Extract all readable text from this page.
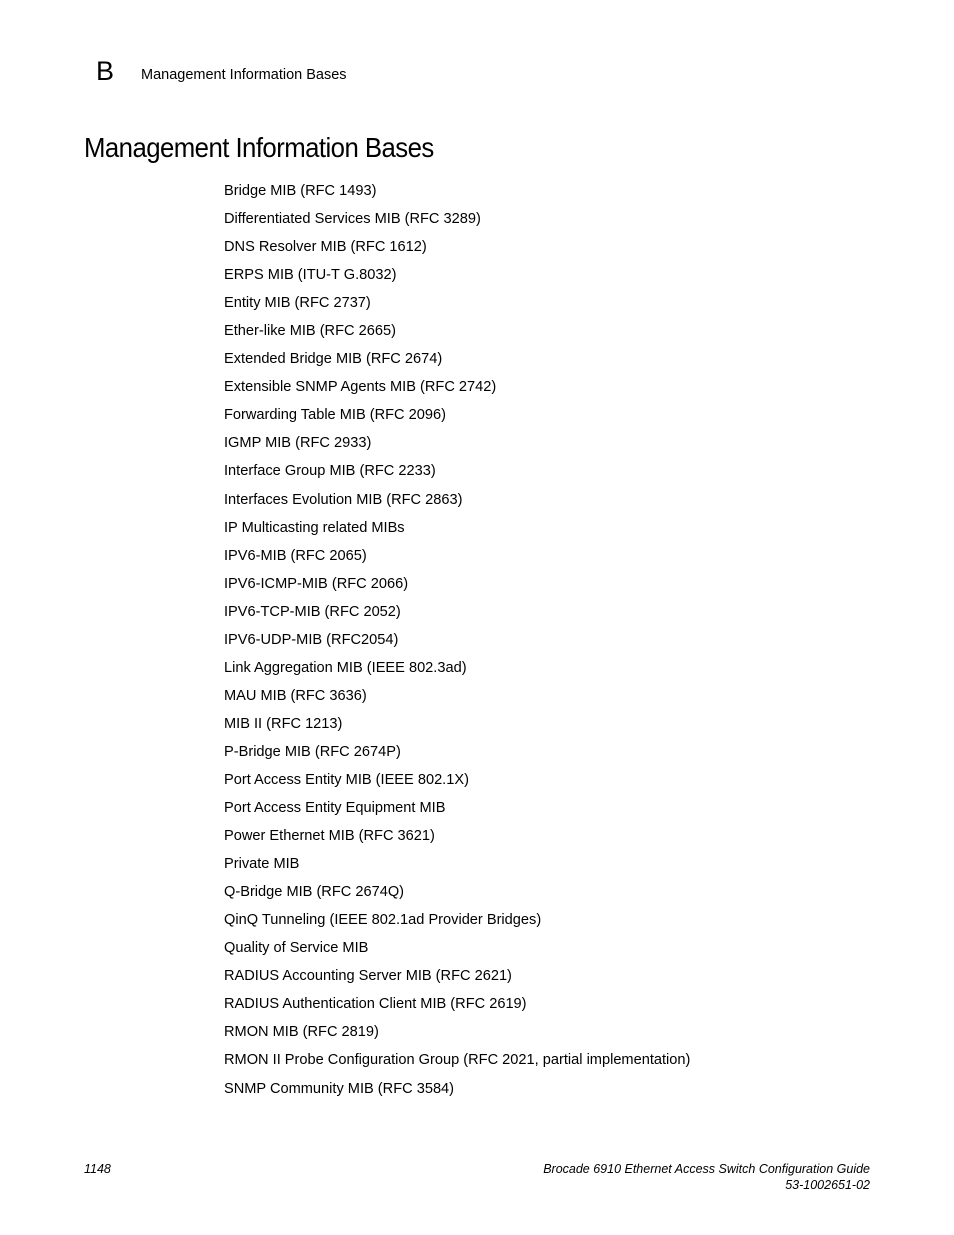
B Management Information Bases
Management Information Bases
Bridge MIB (RFC 1493)
Differentiated Services MIB (RFC 3289)
DNS Resolver MIB (RFC 1612)
ERPS MIB (ITU-T G.8032)
Entity MIB (RFC 2737)
Ether-like MIB (RFC 2665)
Extended Bridge MIB (RFC 2674)
Extensible SNMP Agents MIB (RFC 2742)
Forwarding Table MIB (RFC 2096)
IGMP MIB (RFC 2933)
Interface Group MIB (RFC 2233)
Interfaces Evolution MIB (RFC 2863)
IP Multicasting related MIBs
IPV6-MIB (RFC 2065)
IPV6-ICMP-MIB (RFC 2066)
IPV6-TCP-MIB (RFC 2052)
IPV6-UDP-MIB (RFC2054)
Link Aggregation MIB (IEEE 802.3ad)
MAU MIB (RFC 3636)
MIB II (RFC 1213)
P-Bridge MIB (RFC 2674P)
Port Access Entity MIB (IEEE 802.1X)
Port Access Entity Equipment MIB
Power Ethernet MIB (RFC 3621)
Private MIB
Q-Bridge MIB (RFC 2674Q)
QinQ Tunneling (IEEE 802.1ad Provider Bridges)
Quality of Service MIB
RADIUS Accounting Server MIB (RFC 2621)
RADIUS Authentication Client MIB (RFC 2619)
RMON MIB (RFC 2819)
RMON II Probe Configuration Group (RFC 2021, partial implementation)
SNMP Community MIB (RFC 3584)
1148	Brocade 6910 Ethernet Access Switch Configuration Guide
53-1002651-02
